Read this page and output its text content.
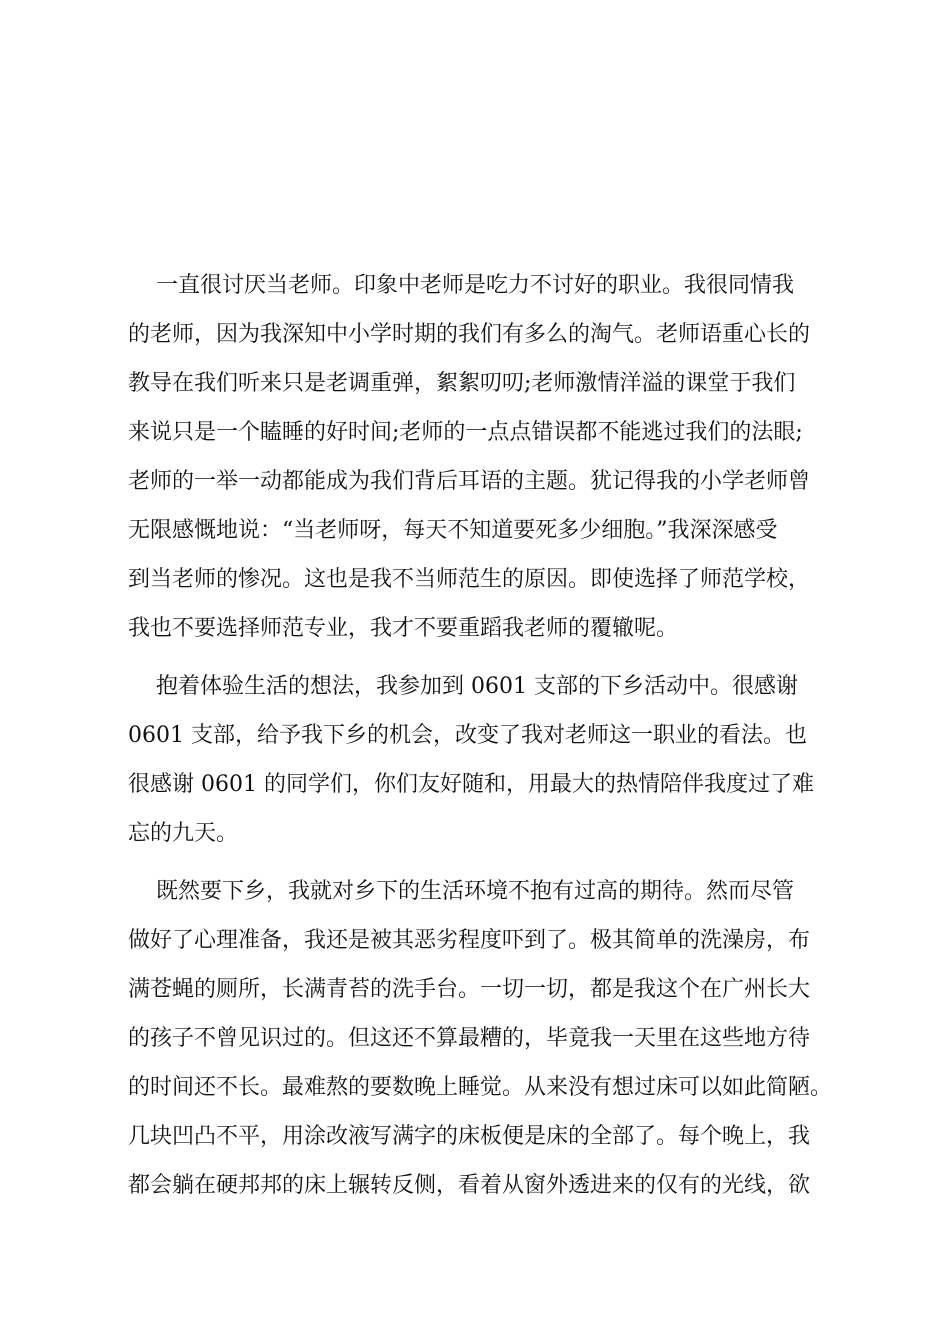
一直很讨厌当老师。印象中老师是吃力不讨好的职业。我很同情我
的老师，因为我深知中小学时期的我们有多么的淘气。老师语重心长的
教导在我们听来只是老调重弹，絮絮叨叨;老师激情洋溢的课堂于我们
来说只是一个瞌睡的好时间;老师的一点点错误都不能逃过我们的法眼;
老师的一举一动都能成为我们背后耳语的主题。犹记得我的小学老师曾
无限感慨地说：“当老师呀，每天不知道要死多少细胞。”我深深感受
到当老师的惨况。这也是我不当师范生的原因。即使选择了师范学校，
我也不要选择师范专业，我才不要重蹈我老师的覆辙呢。
抱着体验生活的想法，我参加到 0601 支部的下乡活动中。很感谢
0601 支部，给予我下乡的机会，改变了我对老师这一职业的看法。也
很感谢 0601 的同学们，你们友好随和，用最大的热情陪伴我度过了难
忘的九天。
既然要下乡，我就对乡下的生活环境不抱有过高的期待。然而尽管
做好了心理准备，我还是被其恶劣程度吓到了。极其简单的洗澡房，布
满苍蝇的厕所，长满青苔的洗手台。一切一切，都是我这个在广州长大
的孩子不曾见识过的。但这还不算最糟的，毕竟我一天里在这些地方待
的时间还不长。最难熬的要数晚上睡觉。从来没有想过床可以如此简陋。
几块凹凸不平，用涂改液写满字的床板便是床的全部了。每个晚上，我
都会躺在硬邦邦的床上辗转反侧，看着从窗外透进来的仅有的光线，欲
